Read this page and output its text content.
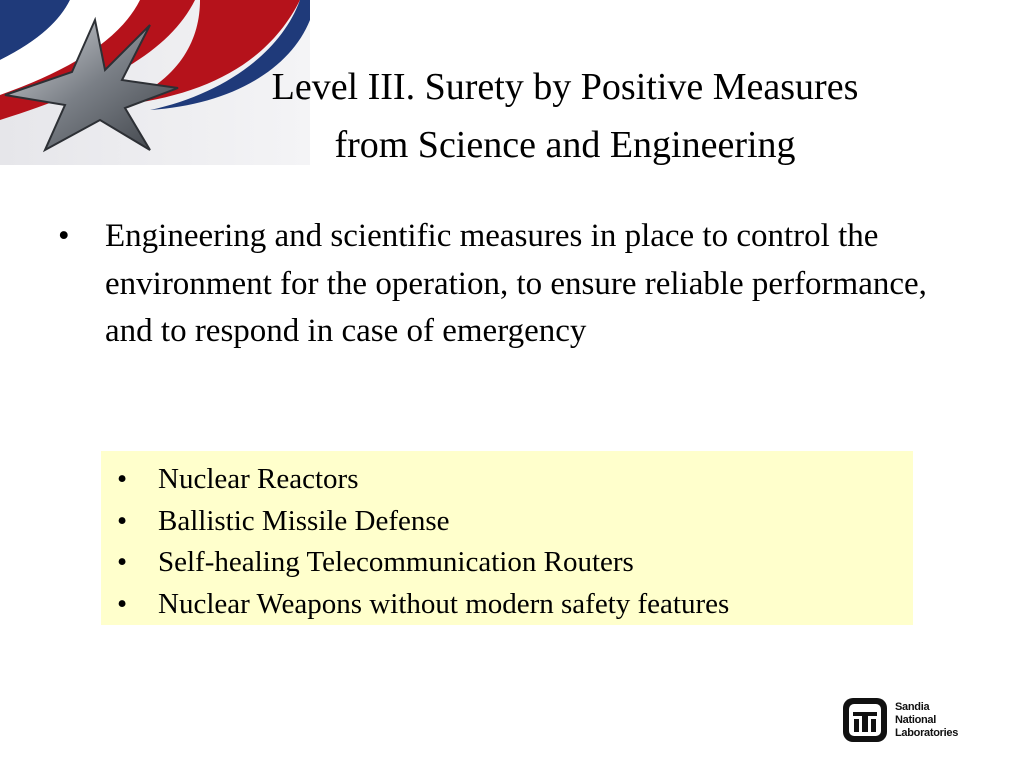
Level III. Surety by Positive Measures
from Science and Engineering
• Engineering and scientific measures in place to control the environment for the operation, to ensure reliable performance, and to respond in case of emergency
• Nuclear Reactors
• Ballistic Missile Defense
• Self-healing Telecommunication Routers
• Nuclear Weapons without modern safety features
Sandia
National
Laboratories
